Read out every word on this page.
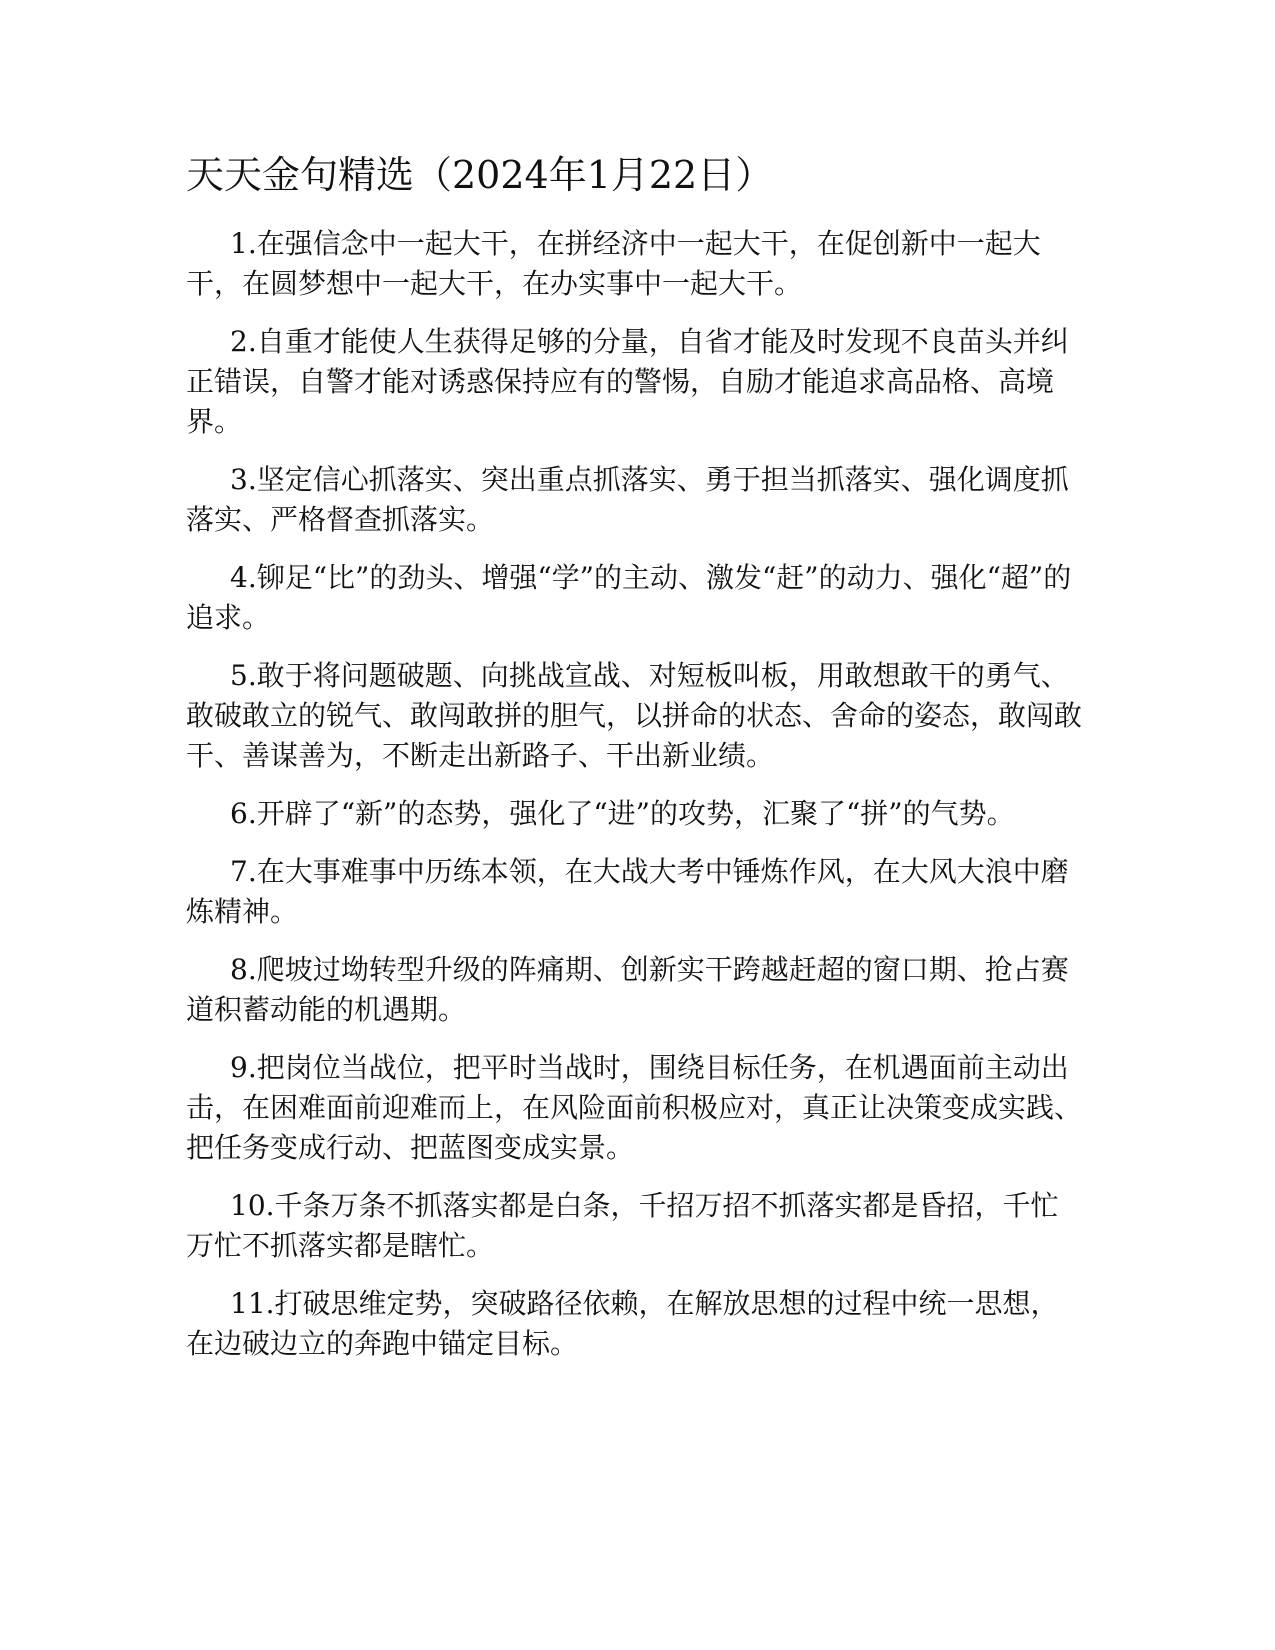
天天金句精选（2024年1月22日）

1.在强信念中一起大干，在拼经济中一起大干，在促创新中一起大干，在圆梦想中一起大干，在办实事中一起大干。

2.自重才能使人生获得足够的分量，自省才能及时发现不良苗头并纠正错误，自警才能对诱惑保持应有的警惕，自励才能追求高品格、高境界。

3.坚定信心抓落实、突出重点抓落实、勇于担当抓落实、强化调度抓落实、严格督查抓落实。

4.铆足“比”的劲头、增强“学”的主动、激发“赶”的动力、强化“超”的追求。

5.敢于将问题破题、向挑战宣战、对短板叫板，用敢想敢干的勇气、敢破敢立的锐气、敢闯敢拼的胆气，以拼命的状态、舍命的姿态，敢闯敢干、善谋善为，不断走出新路子、干出新业绩。

6.开辟了“新”的态势，强化了“进”的攻势，汇聚了“拼”的气势。

7.在大事难事中历练本领，在大战大考中锤炼作风，在大风大浪中磨炼精神。

8.爬坡过坳转型升级的阵痛期、创新实干跨越赶超的窗口期、抢占赛道积蓄动能的机遇期。

9.把岗位当战位，把平时当战时，围绕目标任务，在机遇面前主动出击，在困难面前迎难而上，在风险面前积极应对，真正让决策变成实践、把任务变成行动、把蓝图变成实景。

10.千条万条不抓落实都是白条，千招万招不抓落实都是昏招，千忙万忙不抓落实都是瞎忙。

11.打破思维定势，突破路径依赖，在解放思想的过程中统一思想，在边破边立的奔跑中锚定目标。
